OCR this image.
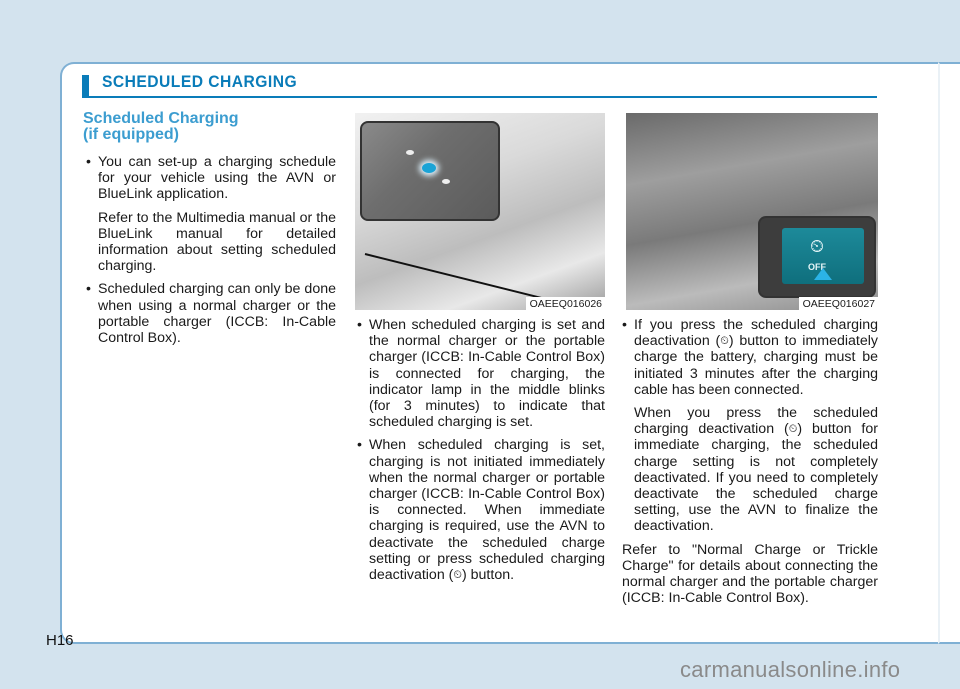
SCHEDULED CHARGING
Scheduled Charging
(if equipped)

• You can set-up a charging schedule for your vehicle using the AVN or BlueLink application.

Refer to the Multimedia manual or the BlueLink manual for detailed information about setting scheduled charging.

• Scheduled charging can only be done when using a normal charger or the portable charger (ICCB: In-Cable Control Box).

OAEEQ016026
⏲
OFF
OAEEQ016027

• When scheduled charging is set and the normal charger or the portable charger (ICCB: In-Cable Control Box) is connected for charging, the indicator lamp in the middle blinks (for 3 minutes) to indicate that scheduled charging is set.

• When scheduled charging is set, charging is not initiated immediately when the normal charger or portable charger (ICCB: In-Cable Control Box) is connected. When immediate charging is required, use the AVN to deactivate the scheduled charge setting or press scheduled charging deactivation (⏲) button.

• If you press the scheduled charging deactivation (⏲) button to immediately charge the battery, charging must be initiated 3 minutes after the charging cable has been connected.

When you press the scheduled charging deactivation (⏲) button for immediate charging, the scheduled charge setting is not completely deactivated. If you need to completely deactivate the scheduled charge setting, use the AVN to finalize the deactivation.

Refer to "Normal Charge or Trickle Charge" for details about connecting the normal charger and the portable charger (ICCB: In-Cable Control Box).

H16
carmanualsonline.info
